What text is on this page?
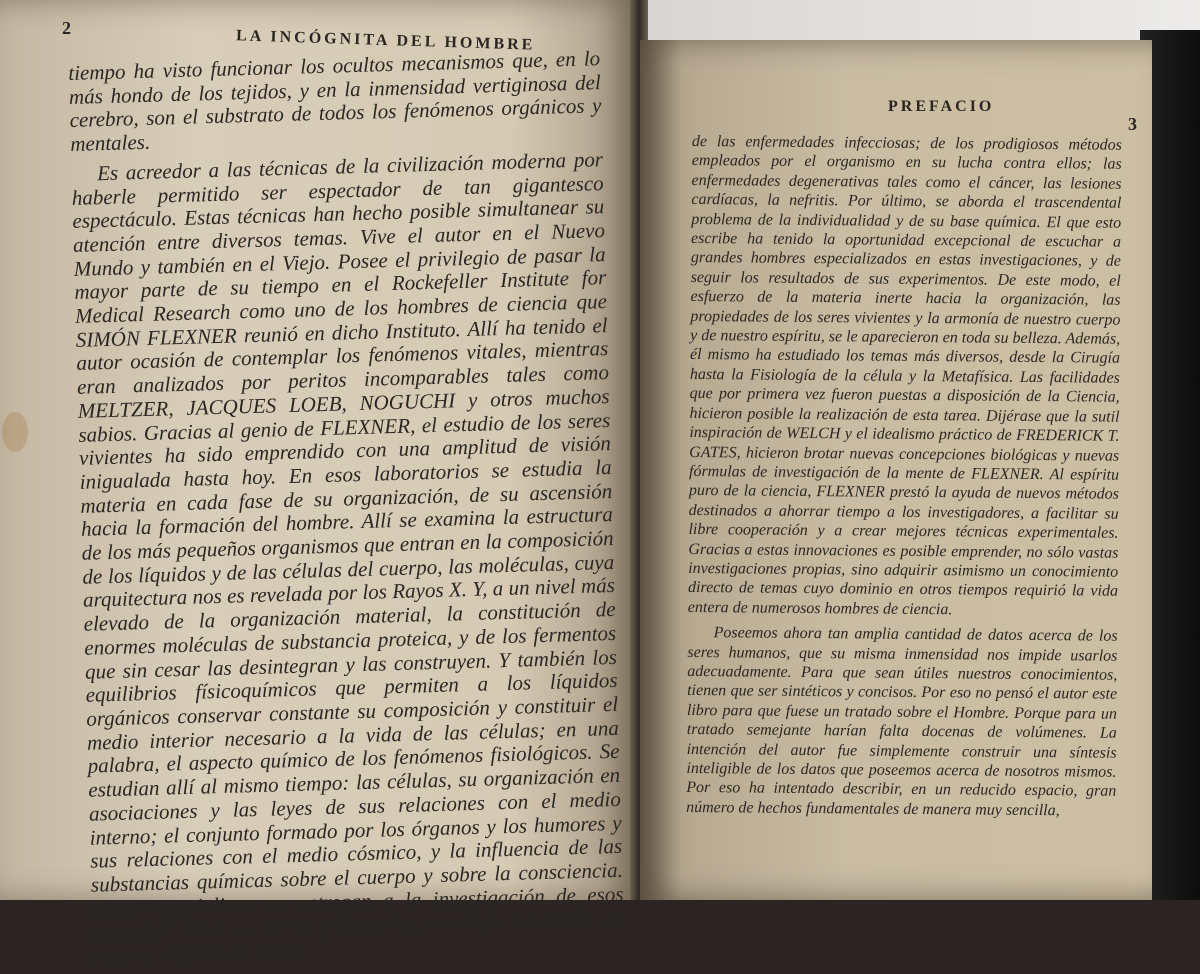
2	LA INCÓGNITA DEL HOMBRE

tiempo ha visto funcionar los ocultos mecanismos que, en lo más hondo de los tejidos, y en la inmensidad vertiginosa del cerebro, son el substrato de todos los fenómenos orgánicos y mentales.

Es acreedor a las técnicas de la civilización moderna por haberle permitido ser espectador de tan gigantesco espectáculo. Estas técnicas han hecho posible simultanear su atención entre diversos temas. Vive el autor en el Nuevo Mundo y también en el Viejo. Posee el privilegio de pasar la mayor parte de su tiempo en el Rockefeller Institute for Medical Research como uno de los hombres de ciencia que SIMÓN FLEXNER reunió en dicho Instituto. Allí ha tenido el autor ocasión de contemplar los fenómenos vitales, mientras eran analizados por peritos incomparables tales como MELTZER, JACQUES LOEB, NOGUCHI y otros muchos sabios. Gracias al genio de FLEXNER, el estudio de los seres vivientes ha sido emprendido con una amplitud de visión inigualada hasta hoy. En esos laboratorios se estudia la materia en cada fase de su organización, de su ascensión hacia la formación del hombre. Allí se examina la estructura de los más pequeños organismos que entran en la composición de los líquidos y de las células del cuerpo, las moléculas, cuya arquitectura nos es revelada por los Rayos X. Y, a un nivel más elevado de la organización material, la constitución de enormes moléculas de substancia proteica, y de los fermentos que sin cesar las desintegran y las construyen. Y también los equilibrios físicoquímicos que permiten a los líquidos orgánicos conservar constante su composición y constituir el medio interior necesario a la vida de las células; en una palabra, el aspecto químico de los fenómenos fisiológicos. Se estudian allí al mismo tiempo: las células, su organización en asociaciones y las leyes de sus relaciones con el medio interno; el conjunto formado por los órganos y los humores y sus relaciones con el medio cósmico, y la influencia de las substancias químicas sobre el cuerpo y sobre la consciencia. Otros especialistas se entregan a la investigación de esos pequeños seres — virus y bacterias — cuya presencia en nuestros tejidos es causa

PREFACIO
3

de las enfermedades infecciosas; de los prodigiosos métodos empleados por el organismo en su lucha contra ellos; las enfermedades degenerativas tales como el cáncer, las lesiones cardíacas, la nefritis. Por último, se aborda el trascendental problema de la individualidad y de su base química. El que esto escribe ha tenido la oportunidad excepcional de escuchar a grandes hombres especializados en estas investigaciones, y de seguir los resultados de sus experimentos. De este modo, el esfuerzo de la materia inerte hacia la organización, las propiedades de los seres vivientes y la armonía de nuestro cuerpo y de nuestro espíritu, se le aparecieron en toda su belleza. Además, él mismo ha estudiado los temas más diversos, desde la Cirugía hasta la Fisiología de la célula y la Metafísica. Las facilidades que por primera vez fueron puestas a disposición de la Ciencia, hicieron posible la realización de esta tarea. Dijérase que la sutil inspiración de WELCH y el idealismo práctico de FREDERICK T. GATES, hicieron brotar nuevas concepciones biológicas y nuevas fórmulas de investigación de la mente de FLEXNER. Al espíritu puro de la ciencia, FLEXNER prestó la ayuda de nuevos métodos destinados a ahorrar tiempo a los investigadores, a facilitar su libre cooperación y a crear mejores técnicas experimentales. Gracias a estas innovaciones es posible emprender, no sólo vastas investigaciones propias, sino adquirir asimismo un conocimiento directo de temas cuyo dominio en otros tiempos requirió la vida entera de numerosos hombres de ciencia.

Poseemos ahora tan amplia cantidad de datos acerca de los seres humanos, que su misma inmensidad nos impide usarlos adecuadamente. Para que sean útiles nuestros conocimientos, tienen que ser sintéticos y concisos. Por eso no pensó el autor este libro para que fuese un tratado sobre el Hombre. Porque para un tratado semejante harían falta docenas de volúmenes. La intención del autor fue simplemente construir una síntesis inteligible de los datos que poseemos acerca de nosotros mismos. Por eso ha intentado describir, en un reducido espacio, gran número de hechos fundamentales de manera muy sencilla,
